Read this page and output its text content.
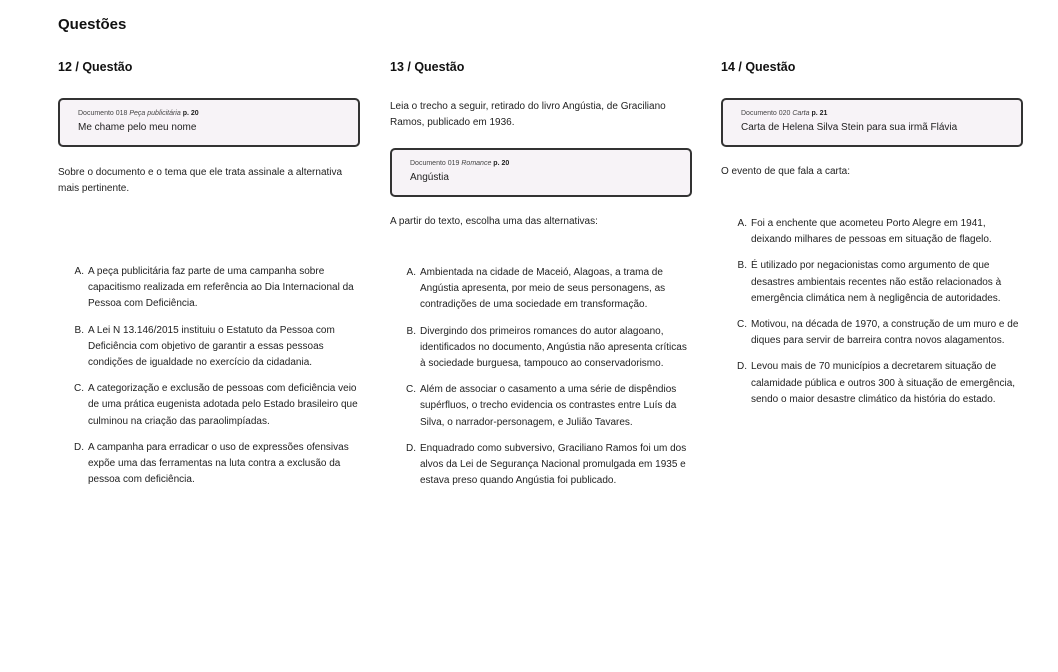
Questões
12 / Questão
Documento 018 Peça publicitária p. 20
Me chame pelo meu nome

Sobre o documento e o tema que ele trata assinale a alternativa mais pertinente.

A. A peça publicitária faz parte de uma campanha sobre capacitismo realizada em referência ao Dia Internacional da Pessoa com Deficiência.
B. A Lei N 13.146/2015 instituiu o Estatuto da Pessoa com Deficiência com objetivo de garantir a essas pessoas condições de igualdade no exercício da cidadania.
C. A categorização e exclusão de pessoas com deficiência veio de uma prática eugenista adotada pelo Estado brasileiro que culminou na criação das paraolimpíadas.
D. A campanha para erradicar o uso de expressões ofensivas expõe uma das ferramentas na luta contra a exclusão da pessoa com deficiência.
13 / Questão

Leia o trecho a seguir, retirado do livro Angústia, de Graciliano Ramos, publicado em 1936.

Documento 019 Romance p. 20
Angústia

A partir do texto, escolha uma das alternativas:

A. Ambientada na cidade de Maceió, Alagoas, a trama de Angústia apresenta, por meio de seus personagens, as contradições de uma sociedade em transformação.
B. Divergindo dos primeiros romances do autor alagoano, identificados no documento, Angústia não apresenta críticas à sociedade burguesa, tampouco ao conservadorismo.
C. Além de associar o casamento a uma série de dispêndios supérfluos, o trecho evidencia os contrastes entre Luís da Silva, o narrador-personagem, e Julião Tavares.
D. Enquadrado como subversivo, Graciliano Ramos foi um dos alvos da Lei de Segurança Nacional promulgada em 1935 e estava preso quando Angústia foi publicado.
14 / Questão
Documento 020 Carta p. 21
Carta de Helena Silva Stein para sua irmã Flávia

O evento de que fala a carta:

A. Foi a enchente que acometeu Porto Alegre em 1941, deixando milhares de pessoas em situação de flagelo.
B. É utilizado por negacionistas como argumento de que desastres ambientais recentes não estão relacionados à emergência climática nem à negligência de autoridades.
C. Motivou, na década de 1970, a construção de um muro e de diques para servir de barreira contra novos alagamentos.
D. Levou mais de 70 municípios a decretarem situação de calamidade pública e outros 300 à situação de emergência, sendo o maior desastre climático da história do estado.
